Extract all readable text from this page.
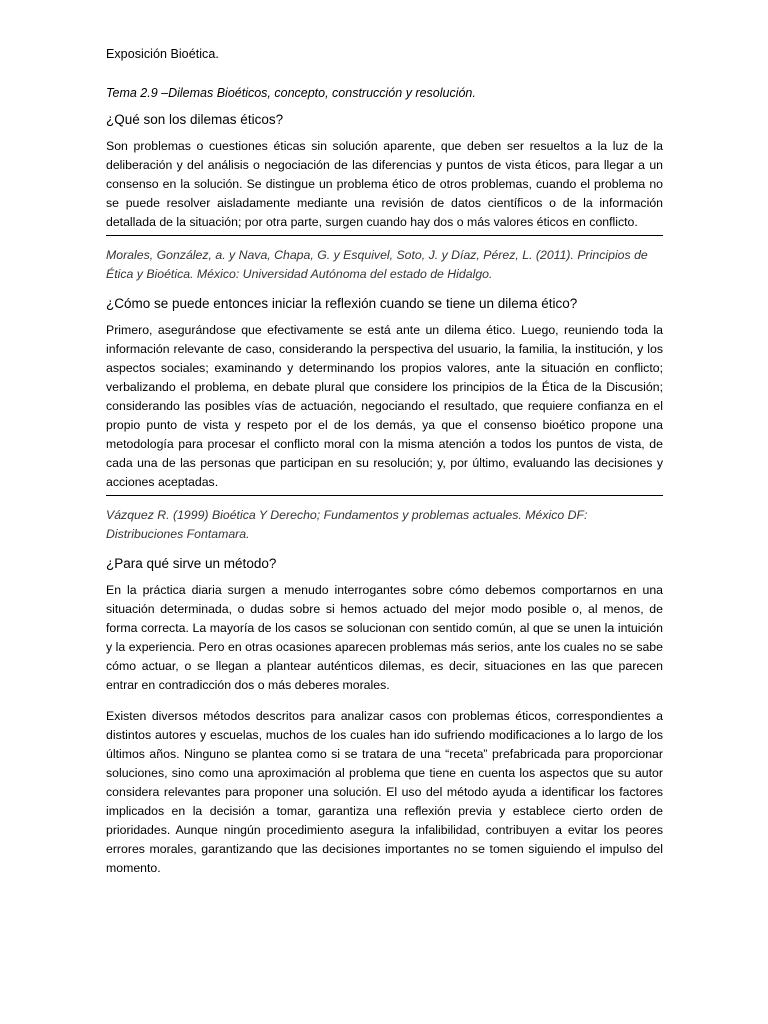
Exposición Bioética.
Tema 2.9 –Dilemas Bioéticos, concepto, construcción y resolución.
¿Qué son los dilemas éticos?

Son problemas o cuestiones éticas sin solución aparente, que deben ser resueltos a la luz de la deliberación y del análisis o negociación de las diferencias y puntos de vista éticos, para llegar a un consenso en la solución. Se distingue un problema ético de otros problemas, cuando el problema no se puede resolver aisladamente mediante una revisión de datos científicos o de la información detallada de la situación; por otra parte, surgen cuando hay dos o más valores éticos en conflicto.

Morales, González, a. y Nava, Chapa, G. y Esquivel, Soto, J. y Díaz, Pérez, L. (2011). Principios de Ética y Bioética. México: Universidad Autónoma del estado de Hidalgo.

¿Cómo se puede entonces iniciar la reflexión cuando se tiene un dilema ético?

Primero, asegurándose que efectivamente se está ante un dilema ético. Luego, reuniendo toda la información relevante de caso, considerando la perspectiva del usuario, la familia, la institución, y los aspectos sociales; examinando y determinando los propios valores, ante la situación en conflicto; verbalizando el problema, en debate plural que considere los principios de la Ética de la Discusión; considerando las posibles vías de actuación, negociando el resultado, que requiere confianza en el propio punto de vista y respeto por el de los demás, ya que el consenso bioético propone una metodología para procesar el conflicto moral con la misma atención a todos los puntos de vista, de cada una de las personas que participan en su resolución; y, por último, evaluando las decisiones y acciones aceptadas.

Vázquez R. (1999) Bioética Y Derecho; Fundamentos y problemas actuales. México DF: Distribuciones Fontamara.

¿Para qué sirve un método?

En la práctica diaria surgen a menudo interrogantes sobre cómo debemos comportarnos en una situación determinada, o dudas sobre si hemos actuado del mejor modo posible o, al menos, de forma correcta. La mayoría de los casos se solucionan con sentido común, al que se unen la intuición y la experiencia. Pero en otras ocasiones aparecen problemas más serios, ante los cuales no se sabe cómo actuar, o se llegan a plantear auténticos dilemas, es decir, situaciones en las que parecen entrar en contradicción dos o más deberes morales.

Existen diversos métodos descritos para analizar casos con problemas éticos, correspondientes a distintos autores y escuelas, muchos de los cuales han ido sufriendo modificaciones a lo largo de los últimos años. Ninguno se plantea como si se tratara de una “receta” prefabricada para proporcionar soluciones, sino como una aproximación al problema que tiene en cuenta los aspectos que su autor considera relevantes para proponer una solución. El uso del método ayuda a identificar los factores implicados en la decisión a tomar, garantiza una reflexión previa y establece cierto orden de prioridades. Aunque ningún procedimiento asegura la infalibilidad, contribuyen a evitar los peores errores morales, garantizando que las decisiones importantes no se tomen siguiendo el impulso del momento.
